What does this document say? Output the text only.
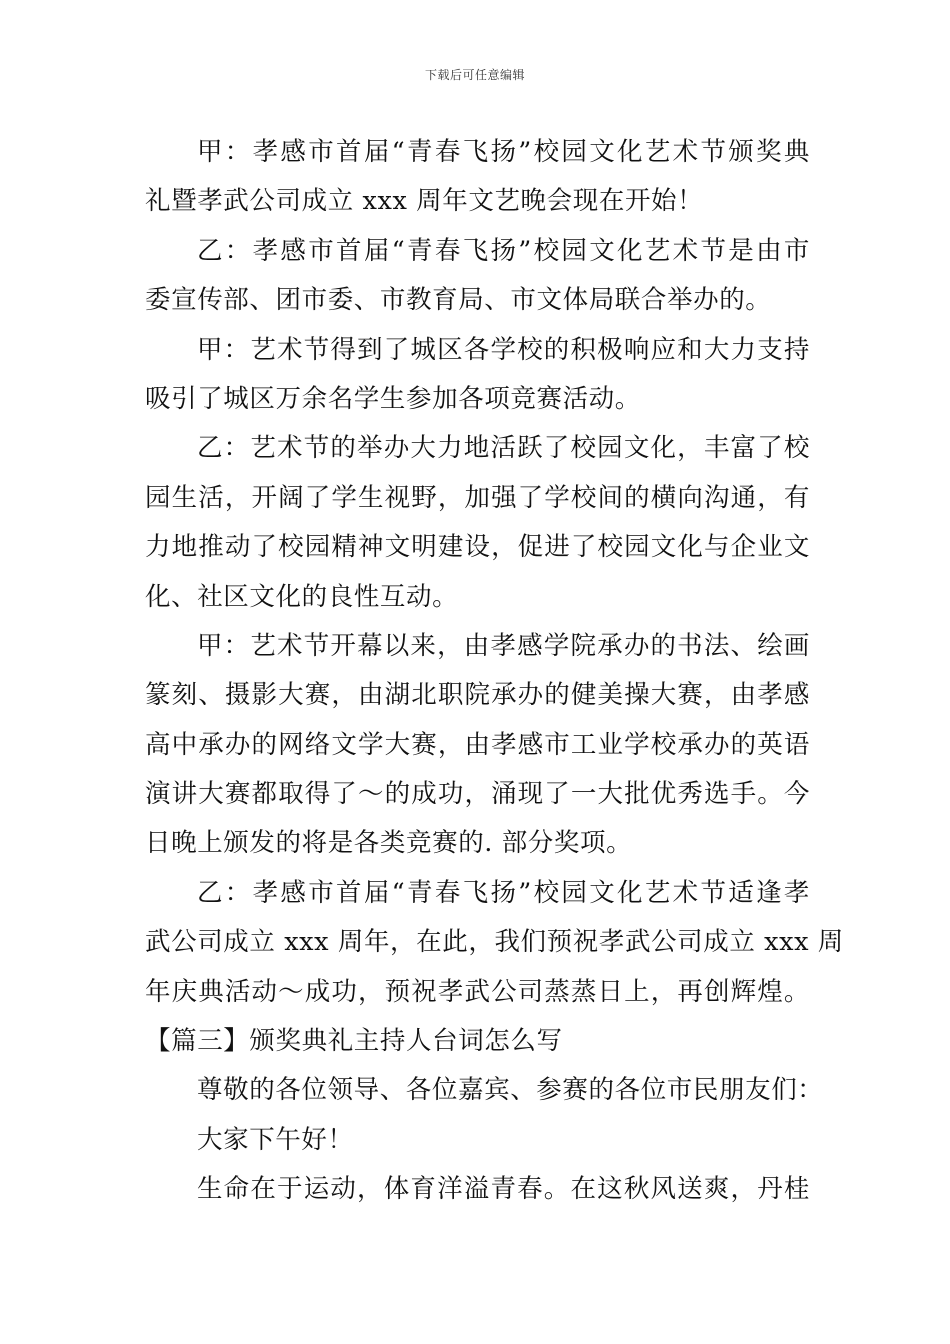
下载后可任意编辑
甲：孝感市首届“青春飞扬”校园文化艺术节颁奖典
礼暨孝武公司成立 xxx 周年文艺晚会现在开始！
乙：孝感市首届“青春飞扬”校园文化艺术节是由市
委宣传部、团市委、市教育局、市文体局联合举办的。
甲：艺术节得到了城区各学校的积极响应和大力支持
吸引了城区万余名学生参加各项竞赛活动。
乙：艺术节的举办大力地活跃了校园文化，丰富了校
园生活，开阔了学生视野，加强了学校间的横向沟通，有
力地推动了校园精神文明建设，促进了校园文化与企业文
化、社区文化的良性互动。
甲：艺术节开幕以来，由孝感学院承办的书法、绘画
篆刻、摄影大赛，由湖北职院承办的健美操大赛，由孝感
高中承办的网络文学大赛，由孝感市工业学校承办的英语
演讲大赛都取得了～的成功，涌现了一大批优秀选手。今
日晚上颁发的将是各类竞赛的. 部分奖项。
乙：孝感市首届“青春飞扬”校园文化艺术节适逢孝
武公司成立 xxx 周年，在此，我们预祝孝武公司成立 xxx 周
年庆典活动～成功，预祝孝武公司蒸蒸日上，再创辉煌。
【篇三】颁奖典礼主持人台词怎么写
尊敬的各位领导、各位嘉宾、参赛的各位市民朋友们：
大家下午好！
生命在于运动，体育洋溢青春。在这秋风送爽，丹桂
